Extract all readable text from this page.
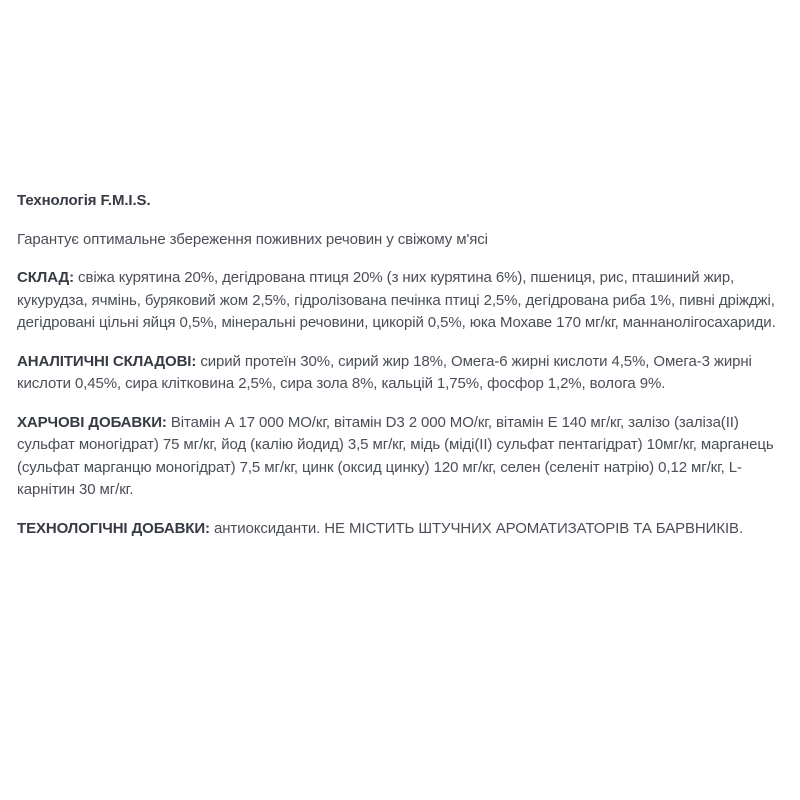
Технологія F.M.I.S.

Гарантує оптимальне збереження поживних речовин у свіжому м'ясі

СКЛАД: свіжа курятина 20%, дегідрована птиця 20% (з них курятина 6%), пшениця, рис, пташиний жир, кукурудза, ячмінь, буряковий жом 2,5%, гідролізована печінка птиці 2,5%, дегідрована риба 1%, пивні дріжджі, дегідровані цільні яйця 0,5%, мінеральні речовини, цикорій 0,5%, юка Мохаве 170 мг/кг, маннанолігосахариди.

АНАЛІТИЧНІ СКЛАДОВІ: сирий протеїн 30%, сирий жир 18%, Омега-6 жирні кислоти 4,5%, Омега-3 жирні кислоти 0,45%, сира клітковина 2,5%, сира зола 8%, кальцій 1,75%, фосфор 1,2%, волога 9%.

ХАРЧОВІ ДОБАВКИ: Вітамін А 17 000 МО/кг, вітамін D3 2 000 МО/кг, вітамін Е 140 мг/кг, залізо (заліза(II) сульфат моногідрат) 75 мг/кг, йод (калію йодид) 3,5 мг/кг, мідь (міді(II) сульфат пентагідрат) 10мг/кг, марганець (сульфат марганцю моногідрат) 7,5 мг/кг, цинк (оксид цинку) 120 мг/кг, селен (селеніт натрію) 0,12 мг/кг, L-карнітин 30 мг/кг.

ТЕХНОЛОГІЧНІ ДОБАВКИ: антиоксиданти. НЕ МІСТИТЬ ШТУЧНИХ АРОМАТИЗАТОРІВ ТА БАРВНИКІВ.
